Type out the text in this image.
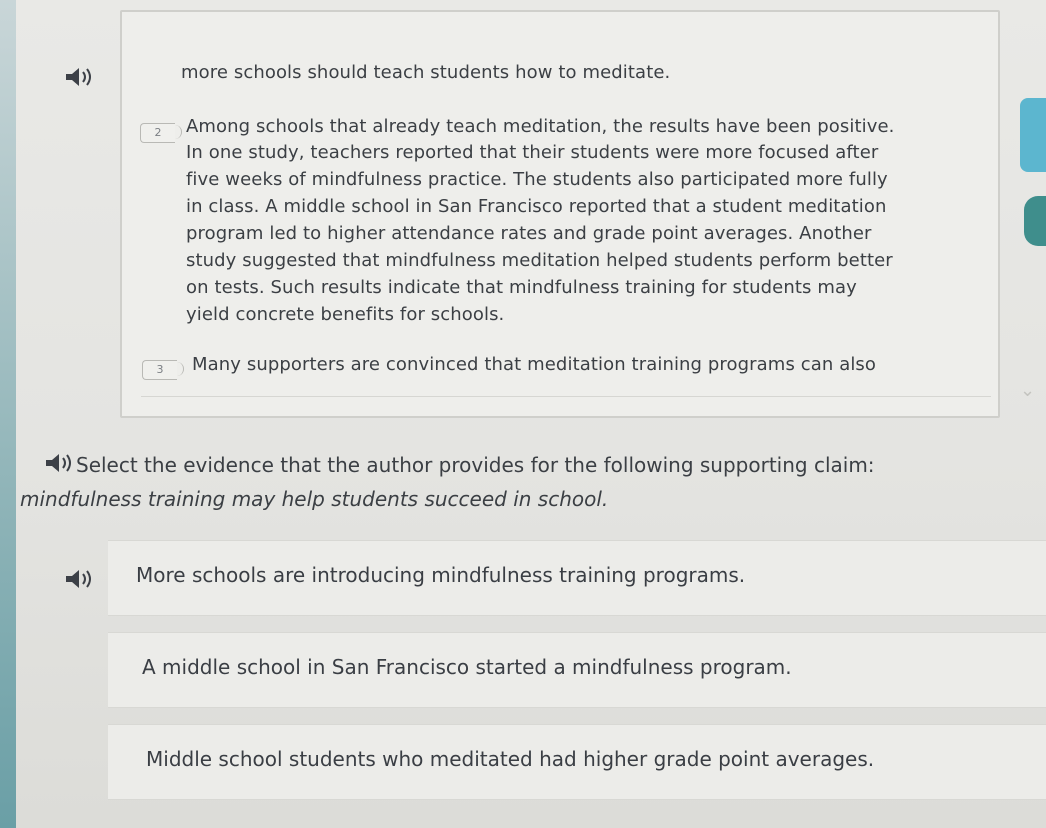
⌄
more schools should teach students how to meditate.
2	Among schools that already teach meditation, the results have been positive.
In one study, teachers reported that their students were more focused after
five weeks of mindfulness practice. The students also participated more fully
in class. A middle school in San Francisco reported that a student meditation
program led to higher attendance rates and grade point averages. Another
study suggested that mindfulness meditation helped students perform better
on tests. Such results indicate that mindfulness training for students may
yield concrete benefits for schools.
3	Many supporters are convinced that meditation training programs can also
Select the evidence that the author provides for the following supporting claim:
mindfulness training may help students succeed in school.
More schools are introducing mindfulness training programs.
A middle school in San Francisco started a mindfulness program.
Middle school students who meditated had higher grade point averages.
